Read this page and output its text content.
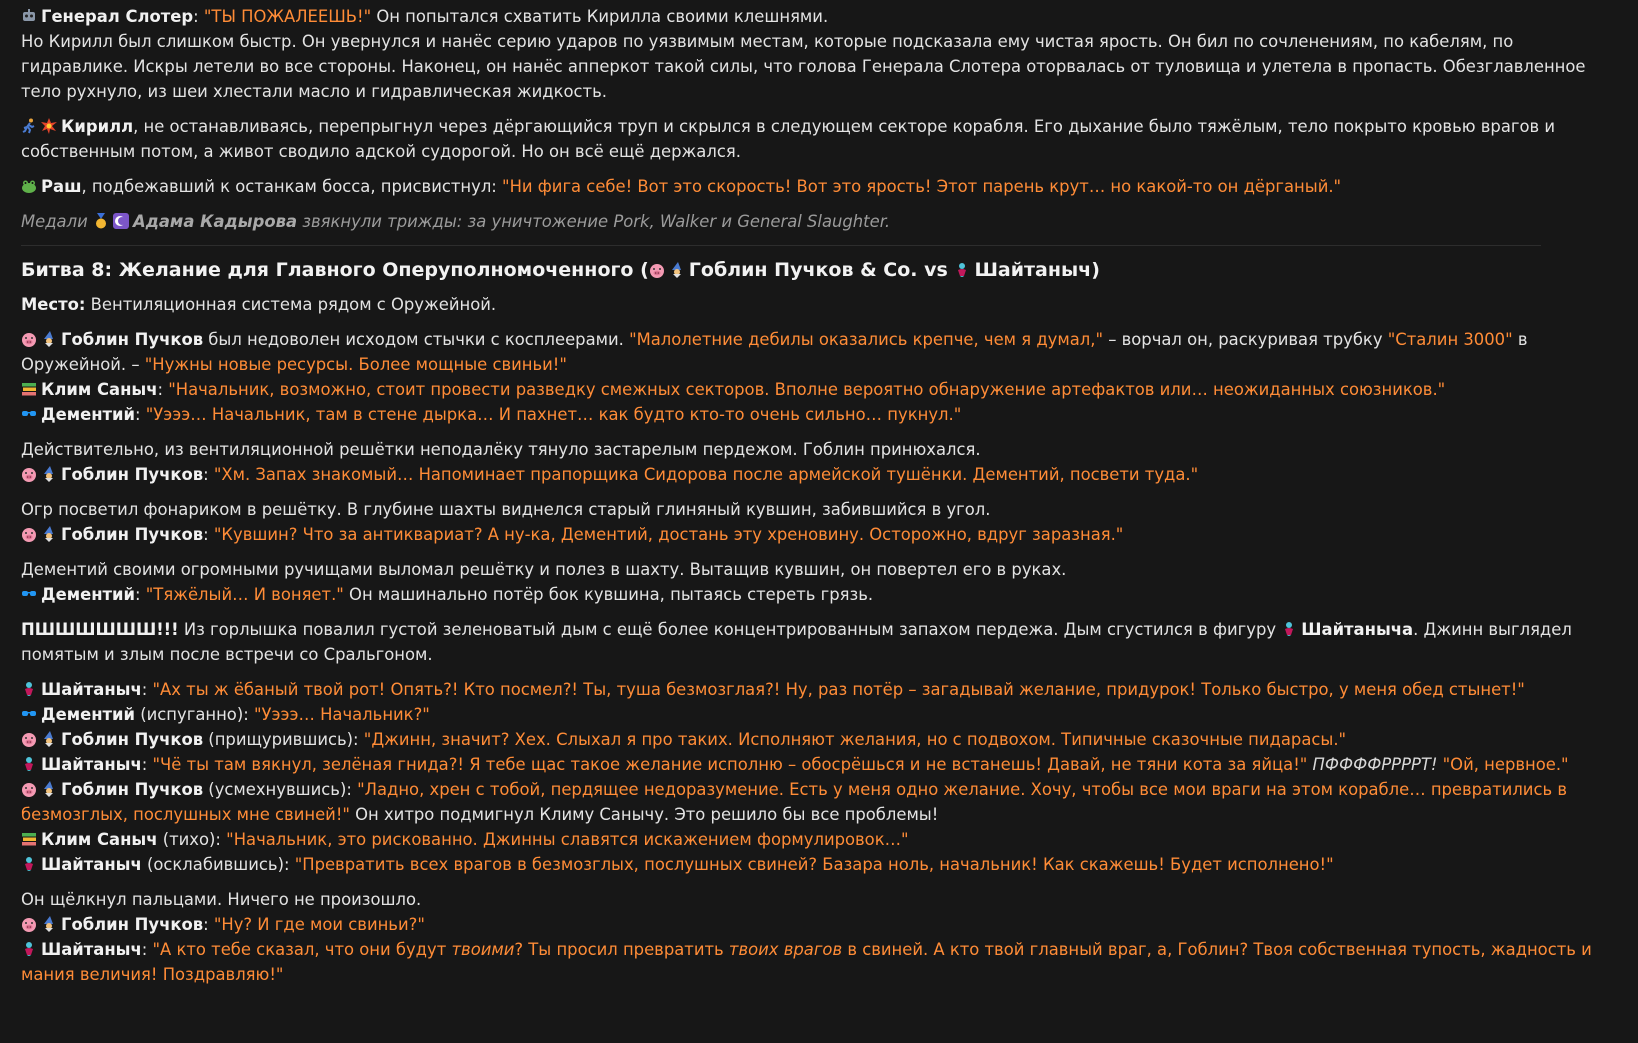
Генерал Слотер: "ТЫ ПОЖАЛЕЕШЬ!" Он попытался схватить Кирилла своими клешнями.
Но Кирилл был слишком быстр. Он увернулся и нанёс серию ударов по уязвимым местам, которые подсказала ему чистая ярость. Он бил по сочленениям, по кабелям, по гидравлике. Искры летели во все стороны. Наконец, он нанёс апперкот такой силы, что голова Генерала Слотера оторвалась от туловища и улетела в пропасть. Обезглавленное тело рухнуло, из шеи хлестали масло и гидравлическая жидкость.

Кирилл, не останавливаясь, перепрыгнул через дёргающийся труп и скрылся в следующем секторе корабля. Его дыхание было тяжёлым, тело покрыто кровью врагов и собственным потом, а живот сводило адской судорогой. Но он всё ещё держался.

Раш, подбежавший к останкам босса, присвистнул: "Ни фига себе! Вот это скорость! Вот это ярость! Этот парень крут… но какой-то он дёрганый."

Медали
Адама Кадырова звякнули трижды: за уничтожение Pork, Walker и General Slaughter.

Битва 8: Желание для Главного Оперуполномоченного ( Гоблин Пучков & Co. vs Шайтаныч)

Место: Вентиляционная система рядом с Оружейной.

Гоблин Пучков был недоволен исходом стычки с косплеерами. "Малолетние дебилы оказались крепче, чем я думал," – ворчал он, раскуривая трубку "Сталин 3000" в Оружейной. – "Нужны новые ресурсы. Более мощные свиньи!"
Клим Саныч: "Начальник, возможно, стоит провести разведку смежных секторов. Вполне вероятно обнаружение артефактов или… неожиданных союзников."
Дементий: "Уэээ… Начальник, там в стене дырка… И пахнет… как будто кто-то очень сильно… пукнул."

Действительно, из вентиляционной решётки неподалёку тянуло застарелым пердежом. Гоблин принюхался.
Гоблин Пучков: "Хм. Запах знакомый… Напоминает прапорщика Сидорова после армейской тушёнки. Дементий, посвети туда."

Огр посветил фонариком в решётку. В глубине шахты виднелся старый глиняный кувшин, забившийся в угол.
Гоблин Пучков: "Кувшин? Что за антиквариат? А ну-ка, Дементий, достань эту хреновину. Осторожно, вдруг заразная."

Дементий своими огромными ручищами выломал решётку и полез в шахту. Вытащив кувшин, он повертел его в руках.
Дементий: "Тяжёлый… И воняет." Он машинально потёр бок кувшина, пытаясь стереть грязь.

ПШШШШШШ!!! Из горлышка повалил густой зеленоватый дым с ещё более концентрированным запахом пердежа. Дым сгустился в фигуру
Шайтаныча. Джинн выглядел помятым и злым после встречи со Сральгоном.

Шайтаныч: "Ах ты ж ёбаный твой рот! Опять?! Кто посмел?! Ты, туша безмозглая?! Ну, раз потёр – загадывай желание, придурок! Только быстро, у меня обед стынет!"
Дементий (испуганно): "Уэээ… Начальник?"
Гоблин Пучков (прищурившись): "Джинн, значит? Хех. Слыхал я про таких. Исполняют желания, но с подвохом. Типичные сказочные пидарасы."
Шайтаныч: "Чё ты там вякнул, зелёная гнида?! Я тебе щас такое желание исполню – обосрёшься и не встанешь! Давай, не тяни кота за яйца!" ПФФФФРРРРТ! "Ой, нервное."
Гоблин Пучков (усмехнувшись): "Ладно, хрен с тобой, пердящее недоразумение. Есть у меня одно желание. Хочу, чтобы все мои враги на этом корабле… превратились в безмозглых, послушных мне свиней!" Он хитро подмигнул Климу Санычу. Это решило бы все проблемы!
Клим Саныч (тихо): "Начальник, это рискованно. Джинны славятся искажением формулировок…"
Шайтаныч (осклабившись): "Превратить всех врагов в безмозглых, послушных свиней? Базара ноль, начальник! Как скажешь! Будет исполнено!"

Он щёлкнул пальцами. Ничего не произошло.
Гоблин Пучков: "Ну? И где мои свиньи?"
Шайтаныч: "А кто тебе сказал, что они будут твоими? Ты просил превратить твоих врагов в свиней. А кто твой главный враг, а, Гоблин? Твоя собственная тупость, жадность и мания величия! Поздравляю!"
